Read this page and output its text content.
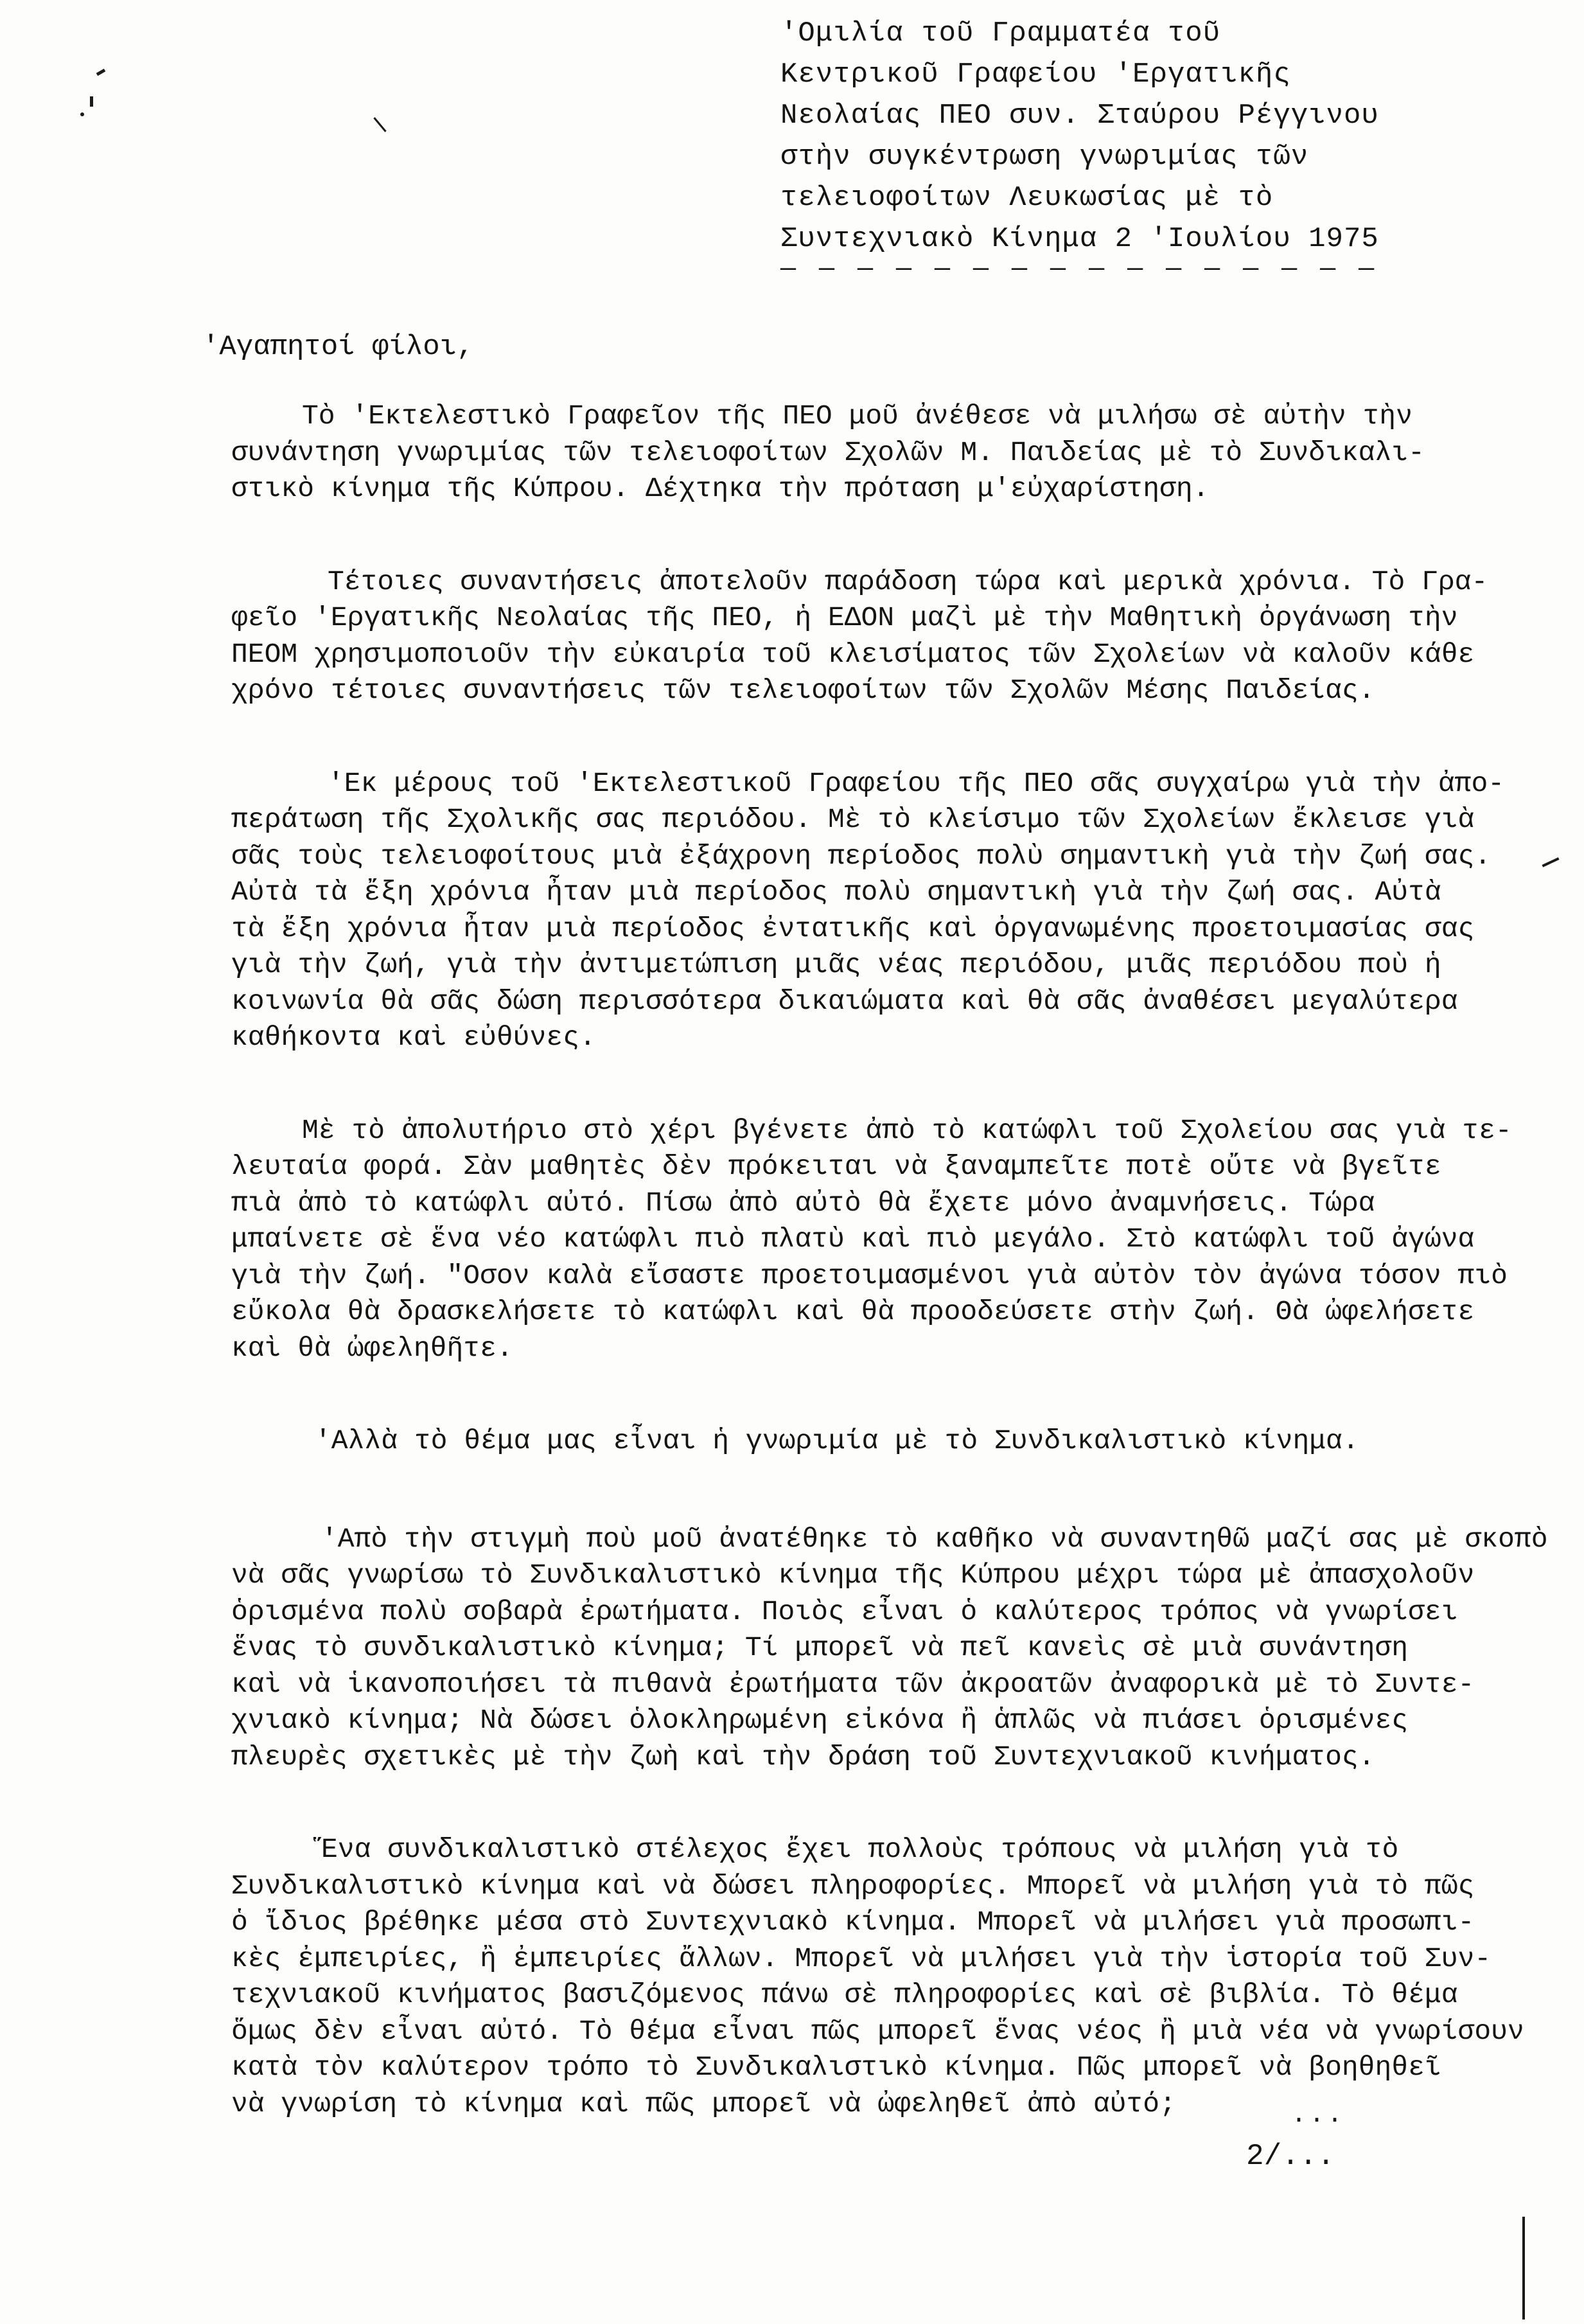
'Ομιλία τοῦ Γραμματέα τοῦ
Κεντρικοῦ Γραφείου 'Εργατικῆς
Νεολαίας ΠΕΟ συν. Σταύρου Ρέγγινου
στὴν συγκέντρωση γνωριμίας τῶν
τελειοφοίτων Λευκωσίας μὲ τὸ
Συντεχνιακὸ Κίνημα 2 'Ιουλίου 1975
— — — — — — — — — — — — — — — —
'Αγαπητοί φίλοι,
Τὸ 'Εκτελεστικὸ Γραφεῖον τῆς ΠΕΟ μοῦ ἀνέθεσε νὰ μιλήσω σὲ αὐτὴν τὴν
συνάντηση γνωριμίας τῶν τελειοφοίτων Σχολῶν Μ. Παιδείας μὲ τὸ Συνδικαλι-
στικὸ κίνημα τῆς Κύπρου. Δέχτηκα τὴν πρόταση μ'εὐχαρίστηση.
Τέτοιες συναντήσεις ἀποτελοῦν παράδοση τώρα καὶ μερικὰ χρόνια. Τὸ Γρα-
φεῖο 'Εργατικῆς Νεολαίας τῆς ΠΕΟ, ἡ ΕΔΟΝ μαζὶ μὲ τὴν Μαθητικὴ ὀργάνωση τὴν
ΠΕΟΜ χρησιμοποιοῦν τὴν εὐκαιρία τοῦ κλεισίματος τῶν Σχολείων νὰ καλοῦν κάθε
χρόνο τέτοιες συναντήσεις τῶν τελειοφοίτων τῶν Σχολῶν Μέσης Παιδείας.
'Εκ μέρους τοῦ 'Εκτελεστικοῦ Γραφείου τῆς ΠΕΟ σᾶς συγχαίρω γιὰ τὴν ἀπο-
περάτωση τῆς Σχολικῆς σας περιόδου. Μὲ τὸ κλείσιμο τῶν Σχολείων ἔκλεισε γιὰ
σᾶς τοὺς τελειοφοίτους μιὰ ἐξάχρονη περίοδος πολὺ σημαντικὴ γιὰ τὴν ζωή σας.
Αὐτὰ τὰ ἔξη χρόνια ἦταν μιὰ περίοδος πολὺ σημαντικὴ γιὰ τὴν ζωή σας. Αὐτὰ
τὰ ἔξη χρόνια ἦταν μιὰ περίοδος ἐντατικῆς καὶ ὀργανωμένης προετοιμασίας σας
γιὰ τὴν ζωή, γιὰ τὴν ἀντιμετώπιση μιᾶς νέας περιόδου, μιᾶς περιόδου ποὺ ἡ
κοινωνία θὰ σᾶς δώση περισσότερα δικαιώματα καὶ θὰ σᾶς ἀναθέσει μεγαλύτερα
καθήκοντα καὶ εὐθύνες.
Μὲ τὸ ἀπολυτήριο στὸ χέρι βγένετε ἀπὸ τὸ κατώφλι τοῦ Σχολείου σας γιὰ τε-
λευταία φορά. Σὰν μαθητὲς δὲν πρόκειται νὰ ξαναμπεῖτε ποτὲ οὔτε νὰ βγεῖτε
πιὰ ἀπὸ τὸ κατώφλι αὐτό. Πίσω ἀπὸ αὐτὸ θὰ ἔχετε μόνο ἀναμνήσεις. Τώρα
μπαίνετε σὲ ἕνα νέο κατώφλι πιὸ πλατὺ καὶ πιὸ μεγάλο. Στὸ κατώφλι τοῦ ἀγώνα
γιὰ τὴν ζωή. "Οσον καλὰ εἴσαστε προετοιμασμένοι γιὰ αὐτὸν τὸν ἀγώνα τόσον πιὸ
εὔκολα θὰ δρασκελήσετε τὸ κατώφλι καὶ θὰ προοδεύσετε στὴν ζωή. Θὰ ὠφελήσετε
καὶ θὰ ὠφεληθῆτε.
'Αλλὰ τὸ θέμα μας εἶναι ἡ γνωριμία μὲ τὸ Συνδικαλιστικὸ κίνημα.
'Απὸ τὴν στιγμὴ ποὺ μοῦ ἀνατέθηκε τὸ καθῆκο νὰ συναντηθῶ μαζί σας μὲ σκοπὸ
νὰ σᾶς γνωρίσω τὸ Συνδικαλιστικὸ κίνημα τῆς Κύπρου μέχρι τώρα μὲ ἀπασχολοῦν
ὁρισμένα πολὺ σοβαρὰ ἐρωτήματα. Ποιὸς εἶναι ὁ καλύτερος τρόπος νὰ γνωρίσει
ἕνας τὸ συνδικαλιστικὸ κίνημα; Τί μπορεῖ νὰ πεῖ κανεὶς σὲ μιὰ συνάντηση
καὶ νὰ ἱκανοποιήσει τὰ πιθανὰ ἐρωτήματα τῶν ἀκροατῶν ἀναφορικὰ μὲ τὸ Συντε-
χνιακὸ κίνημα; Νὰ δώσει ὁλοκληρωμένη εἰκόνα ἢ ἁπλῶς νὰ πιάσει ὁρισμένες
πλευρὲς σχετικὲς μὲ τὴν ζωὴ καὶ τὴν δράση τοῦ Συντεχνιακοῦ κινήματος.
Ἕνα συνδικαλιστικὸ στέλεχος ἔχει πολλοὺς τρόπους νὰ μιλήση γιὰ τὸ
Συνδικαλιστικὸ κίνημα καὶ νὰ δώσει πληροφορίες. Μπορεῖ νὰ μιλήση γιὰ τὸ πῶς
ὁ ἴδιος βρέθηκε μέσα στὸ Συντεχνιακὸ κίνημα. Μπορεῖ νὰ μιλήσει γιὰ προσωπι-
κὲς ἐμπειρίες, ἢ ἐμπειρίες ἄλλων. Μπορεῖ νὰ μιλήσει γιὰ τὴν ἱστορία τοῦ Συν-
τεχνιακοῦ κινήματος βασιζόμενος πάνω σὲ πληροφορίες καὶ σὲ βιβλία. Τὸ θέμα
ὅμως δὲν εἶναι αὐτό. Τὸ θέμα εἶναι πῶς μπορεῖ ἕνας νέος ἢ μιὰ νέα νὰ γνωρίσουν
κατὰ τὸν καλύτερον τρόπο τὸ Συνδικαλιστικὸ κίνημα. Πῶς μπορεῖ νὰ βοηθηθεῖ
νὰ γνωρίση τὸ κίνημα καὶ πῶς μπορεῖ νὰ ὠφεληθεῖ ἀπὸ αὐτό;	...
2/...
